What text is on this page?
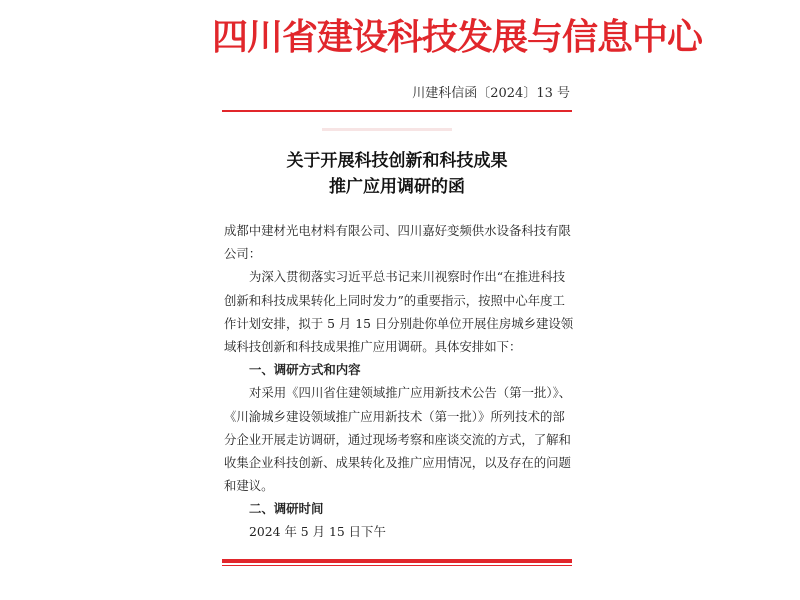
四川省建设科技发展与信息中心
川建科信函〔2024〕13 号
关于开展科技创新和科技成果
推广应用调研的函
成都中建材光电材料有限公司、四川嘉好变频供水设备科技有限
公司：
为深入贯彻落实习近平总书记来川视察时作出“在推进科技
创新和科技成果转化上同时发力”的重要指示，按照中心年度工
作计划安排，拟于 5 月 15 日分别赴你单位开展住房城乡建设领
域科技创新和科技成果推广应用调研。具体安排如下：
一、调研方式和内容
对采用《四川省住建领域推广应用新技术公告（第一批）》、
《川渝城乡建设领域推广应用新技术（第一批）》所列技术的部
分企业开展走访调研，通过现场考察和座谈交流的方式，了解和
收集企业科技创新、成果转化及推广应用情况，以及存在的问题
和建议。
二、调研时间
2024 年 5 月 15 日下午
